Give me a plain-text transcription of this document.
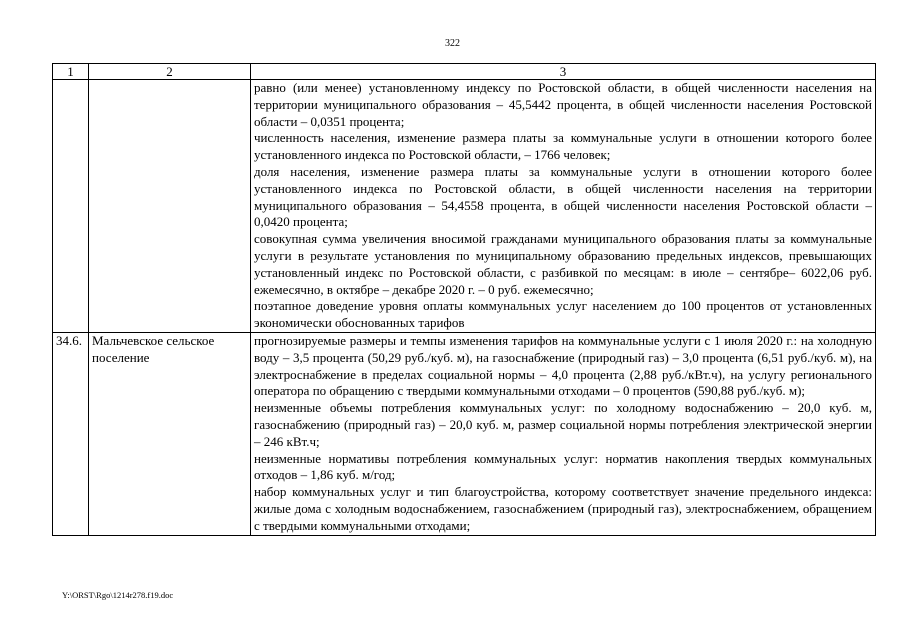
322
1	2	3

		равно (или менее) установленному индексу по Ростовской области, в общей численности населения на территории муниципального образования – 45,5442 процента, в общей численности населения Ростовской области – 0,0351 процента;

численность населения, изменение размера платы за коммунальные услуги в отношении которого более установленного индекса по Ростовской области, – 1766 человек;

доля населения, изменение размера платы за коммунальные услуги в отношении которого более установленного индекса по Ростовской области, в общей численности населения на территории муниципального образования – 54,4558 процента, в общей численности населения Ростовской области – 0,0420 процента;

совокупная сумма увеличения вносимой гражданами муниципального образования платы за коммунальные услуги в результате установления по муниципальному образованию предельных индексов, превышающих установленный индекс по Ростовской области, с разбивкой по месяцам: в июле – сентябре– 6022,06 руб. ежемесячно, в октябре – декабре 2020 г. – 0 руб. ежемесячно;

поэтапное доведение уровня оплаты коммунальных услуг населением до 100 процентов от установленных экономически обоснованных тарифов

34.6.	Мальчевское сельское поселение	прогнозируемые размеры и темпы изменения тарифов на коммунальные услуги с 1 июля 2020 г.: на холодную воду – 3,5 процента (50,29 руб./куб. м), на газоснабжение (природный газ) – 3,0 процента (6,51 руб./куб. м), на электроснабжение в пределах социальной нормы – 4,0 процента (2,88 руб./кВт.ч), на услугу регионального оператора по обращению с твердыми коммунальными отходами – 0 процентов (590,88 руб./куб. м);

неизменные объемы потребления коммунальных услуг: по холодному водоснабжению – 20,0 куб. м, газоснабжению (природный газ) – 20,0 куб. м, размер социальной нормы потребления электрической энергии – 246 кВт.ч;

неизменные нормативы потребления коммунальных услуг: норматив накопления твердых коммунальных отходов – 1,86 куб. м/год;

набор коммунальных услуг и тип благоустройства, которому соответствует значение предельного индекса: жилые дома с холодным водоснабжением, газоснабжением (природный газ), электроснабжением, обращением с твердыми коммунальными отходами;

Y:\ORST\Rgo\1214r278.f19.doc
